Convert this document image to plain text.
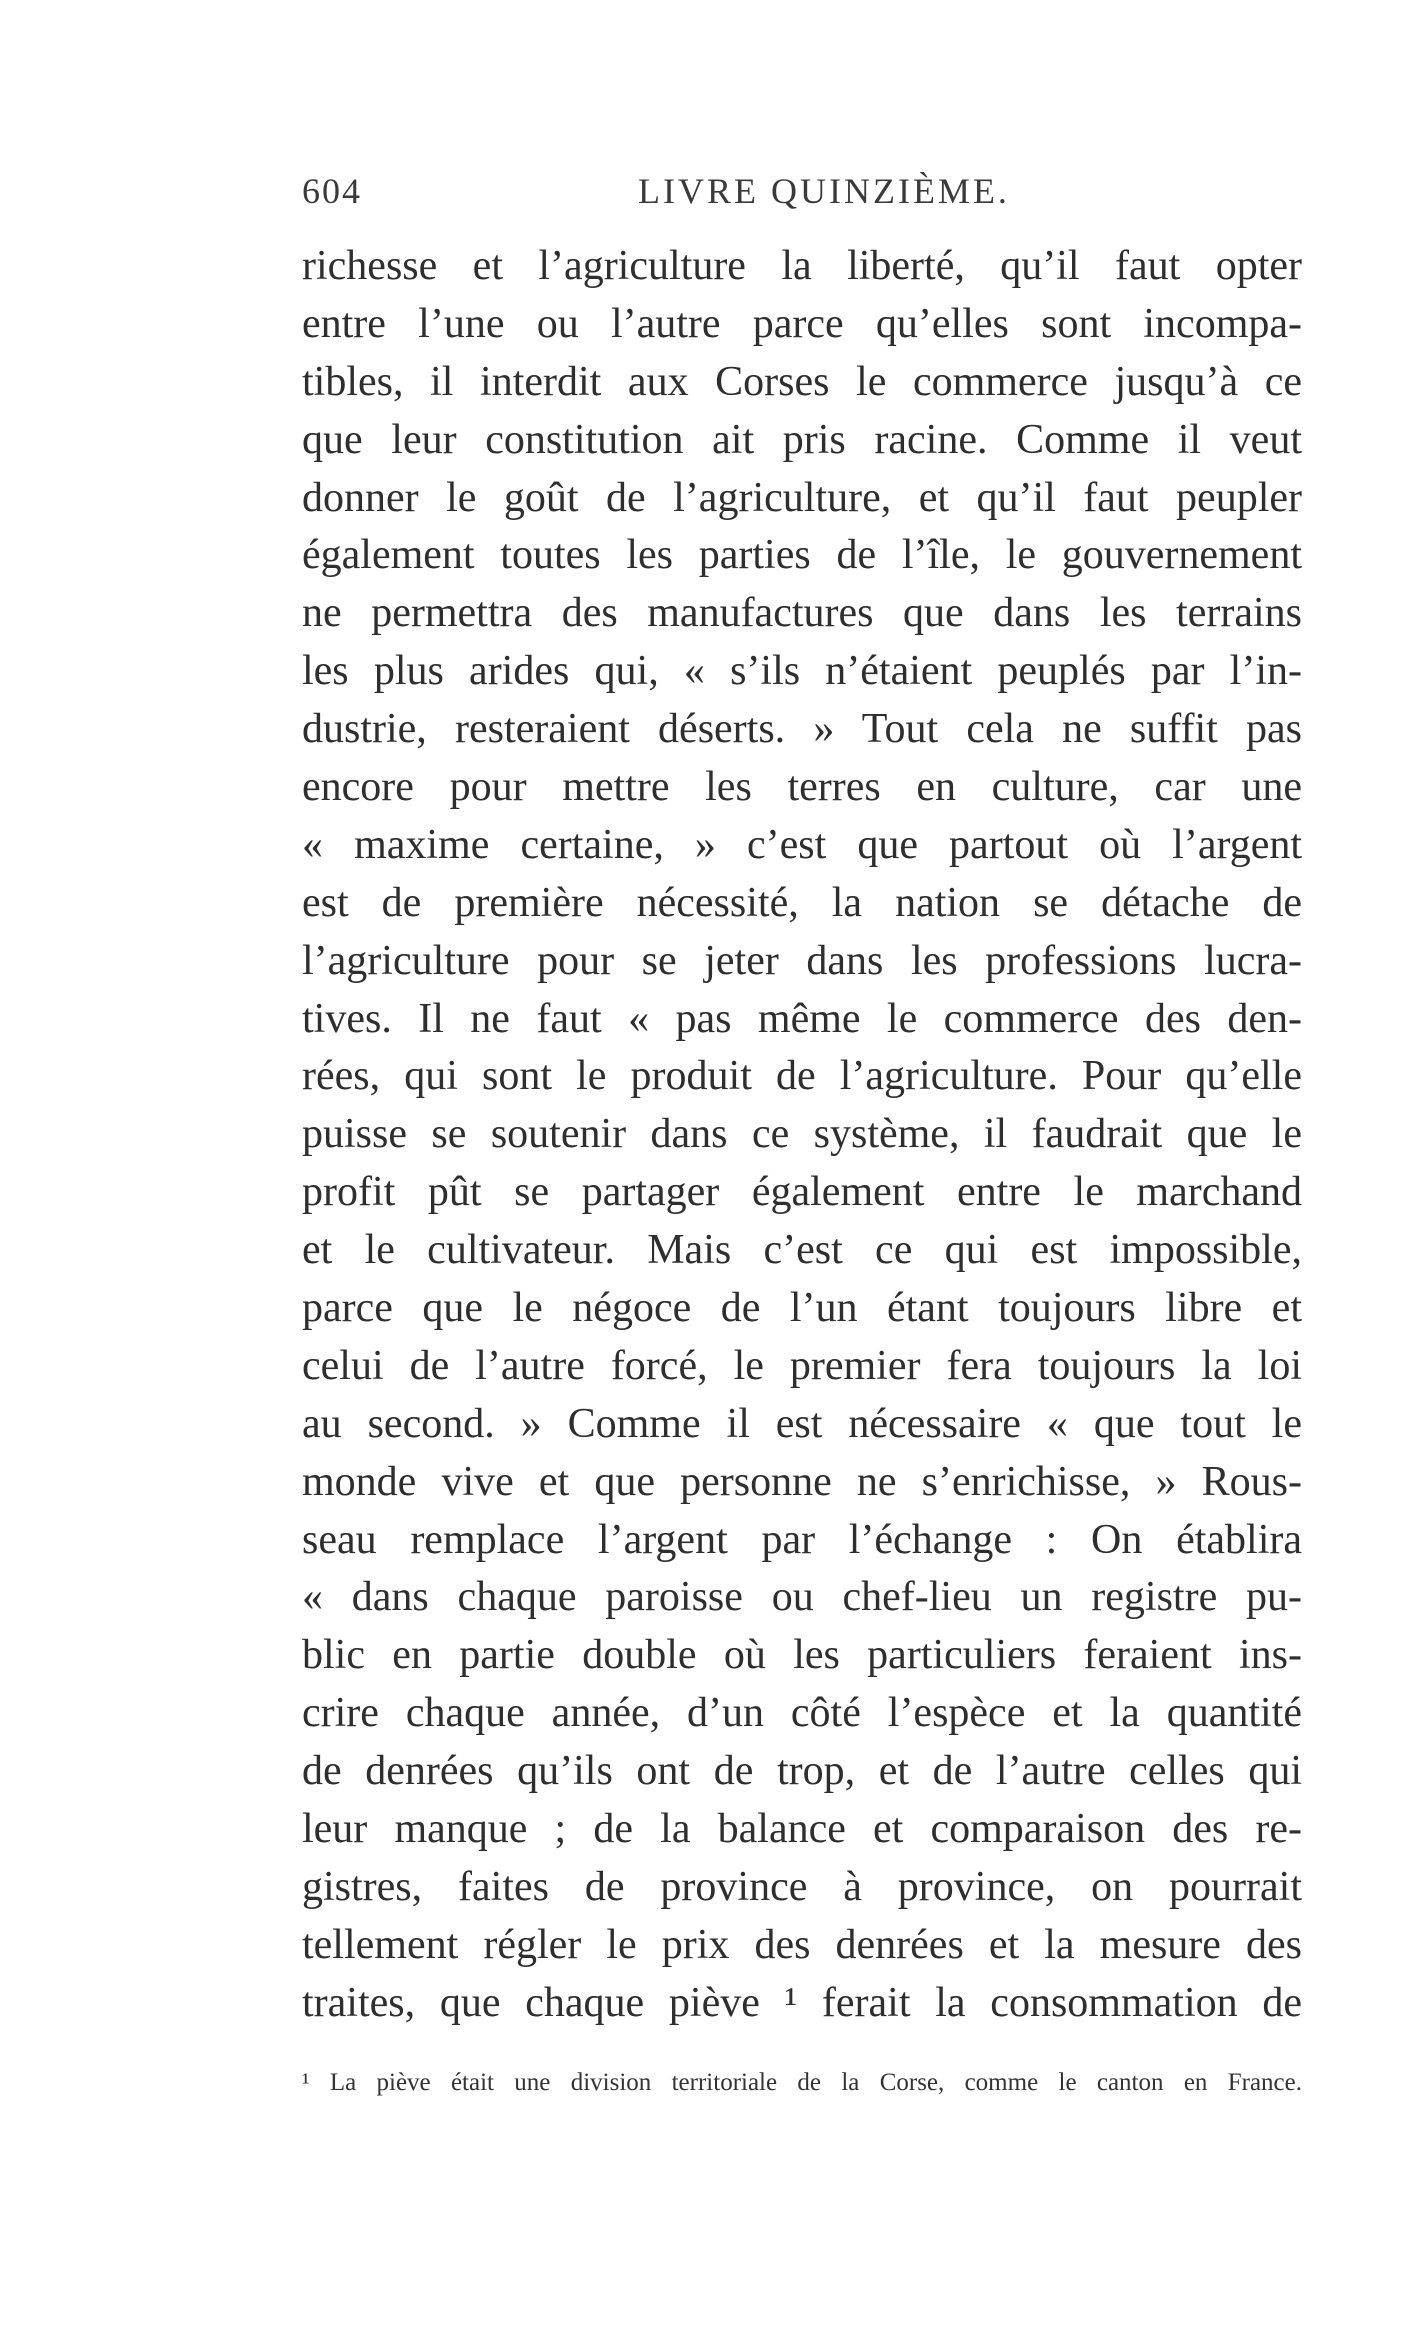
604	LIVRE QUINZIÈME.
richesse et l’agriculture la liberté, qu’il faut opter
entre l’une ou l’autre parce qu’elles sont incompa-
tibles, il interdit aux Corses le commerce jusqu’à ce
que leur constitution ait pris racine. Comme il veut
donner le goût de l’agriculture, et qu’il faut peupler
également toutes les parties de l’île, le gouvernement
ne permettra des manufactures que dans les terrains
les plus arides qui, « s’ils n’étaient peuplés par l’in-
dustrie, resteraient déserts. » Tout cela ne suffit pas
encore pour mettre les terres en culture, car une
« maxime certaine, » c’est que partout où l’argent
est de première nécessité, la nation se détache de
l’agriculture pour se jeter dans les professions lucra-
tives. Il ne faut « pas même le commerce des den-
rées, qui sont le produit de l’agriculture. Pour qu’elle
puisse se soutenir dans ce système, il faudrait que le
profit pût se partager également entre le marchand
et le cultivateur. Mais c’est ce qui est impossible,
parce que le négoce de l’un étant toujours libre et
celui de l’autre forcé, le premier fera toujours la loi
au second. » Comme il est nécessaire « que tout le
monde vive et que personne ne s’enrichisse, » Rous-
seau remplace l’argent par l’échange : On établira
« dans chaque paroisse ou chef-lieu un registre pu-
blic en partie double où les particuliers feraient ins-
crire chaque année, d’un côté l’espèce et la quantité
de denrées qu’ils ont de trop, et de l’autre celles qui
leur manque ; de la balance et comparaison des re-
gistres, faites de province à province, on pourrait
tellement régler le prix des denrées et la mesure des
traites, que chaque piève ¹ ferait la consommation de
¹ La piève était une division territoriale de la Corse, comme le canton en France.
